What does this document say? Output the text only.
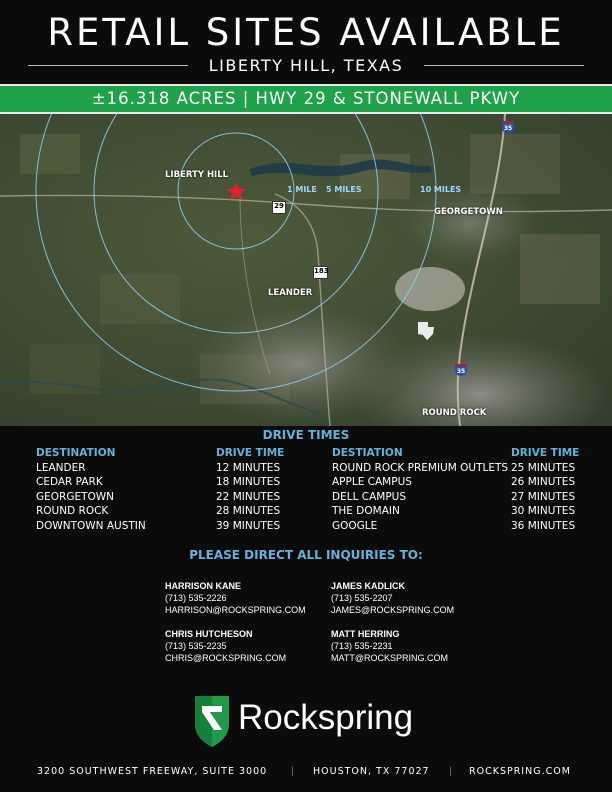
RETAIL SITES AVAILABLE
LIBERTY HILL, TEXAS
±16.318 ACRES | HWY 29 & STONEWALL PKWY
LIBERTY HILL
GEORGETOWN
LEANDER
ROUND ROCK
1 MILE 5 MILES	10 MILES
29
183
35
35
DRIVE TIMES
DESTINATION
LEANDER
CEDAR PARK
GEORGETOWN
ROUND ROCK
DOWNTOWN AUSTIN
DRIVE TIME
12 MINUTES
18 MINUTES
22 MINUTES
28 MINUTES
39 MINUTES
DESTIATION
ROUND ROCK PREMIUM OUTLETS
APPLE CAMPUS
DELL CAMPUS
THE DOMAIN
GOOGLE
DRIVE TIME
25 MINUTES
26 MINUTES
27 MINUTES
30 MINUTES
36 MINUTES
PLEASE DIRECT ALL INQUIRIES TO:
HARRISON KANE
(713) 535-2226
HARRISON@ROCKSPRING.COM
JAMES KADLICK
(713) 535-2207
JAMES@ROCKSPRING.COM
CHRIS HUTCHESON
(713) 535-2235
CHRIS@ROCKSPRING.COM
MATT HERRING
(713) 535-2231
MATT@ROCKSPRING.COM
Rockspring
3200 SOUTHWEST FREEWAY, SUITE 3000	| HOUSTON, TX 77027 | ROCKSPRING.COM
